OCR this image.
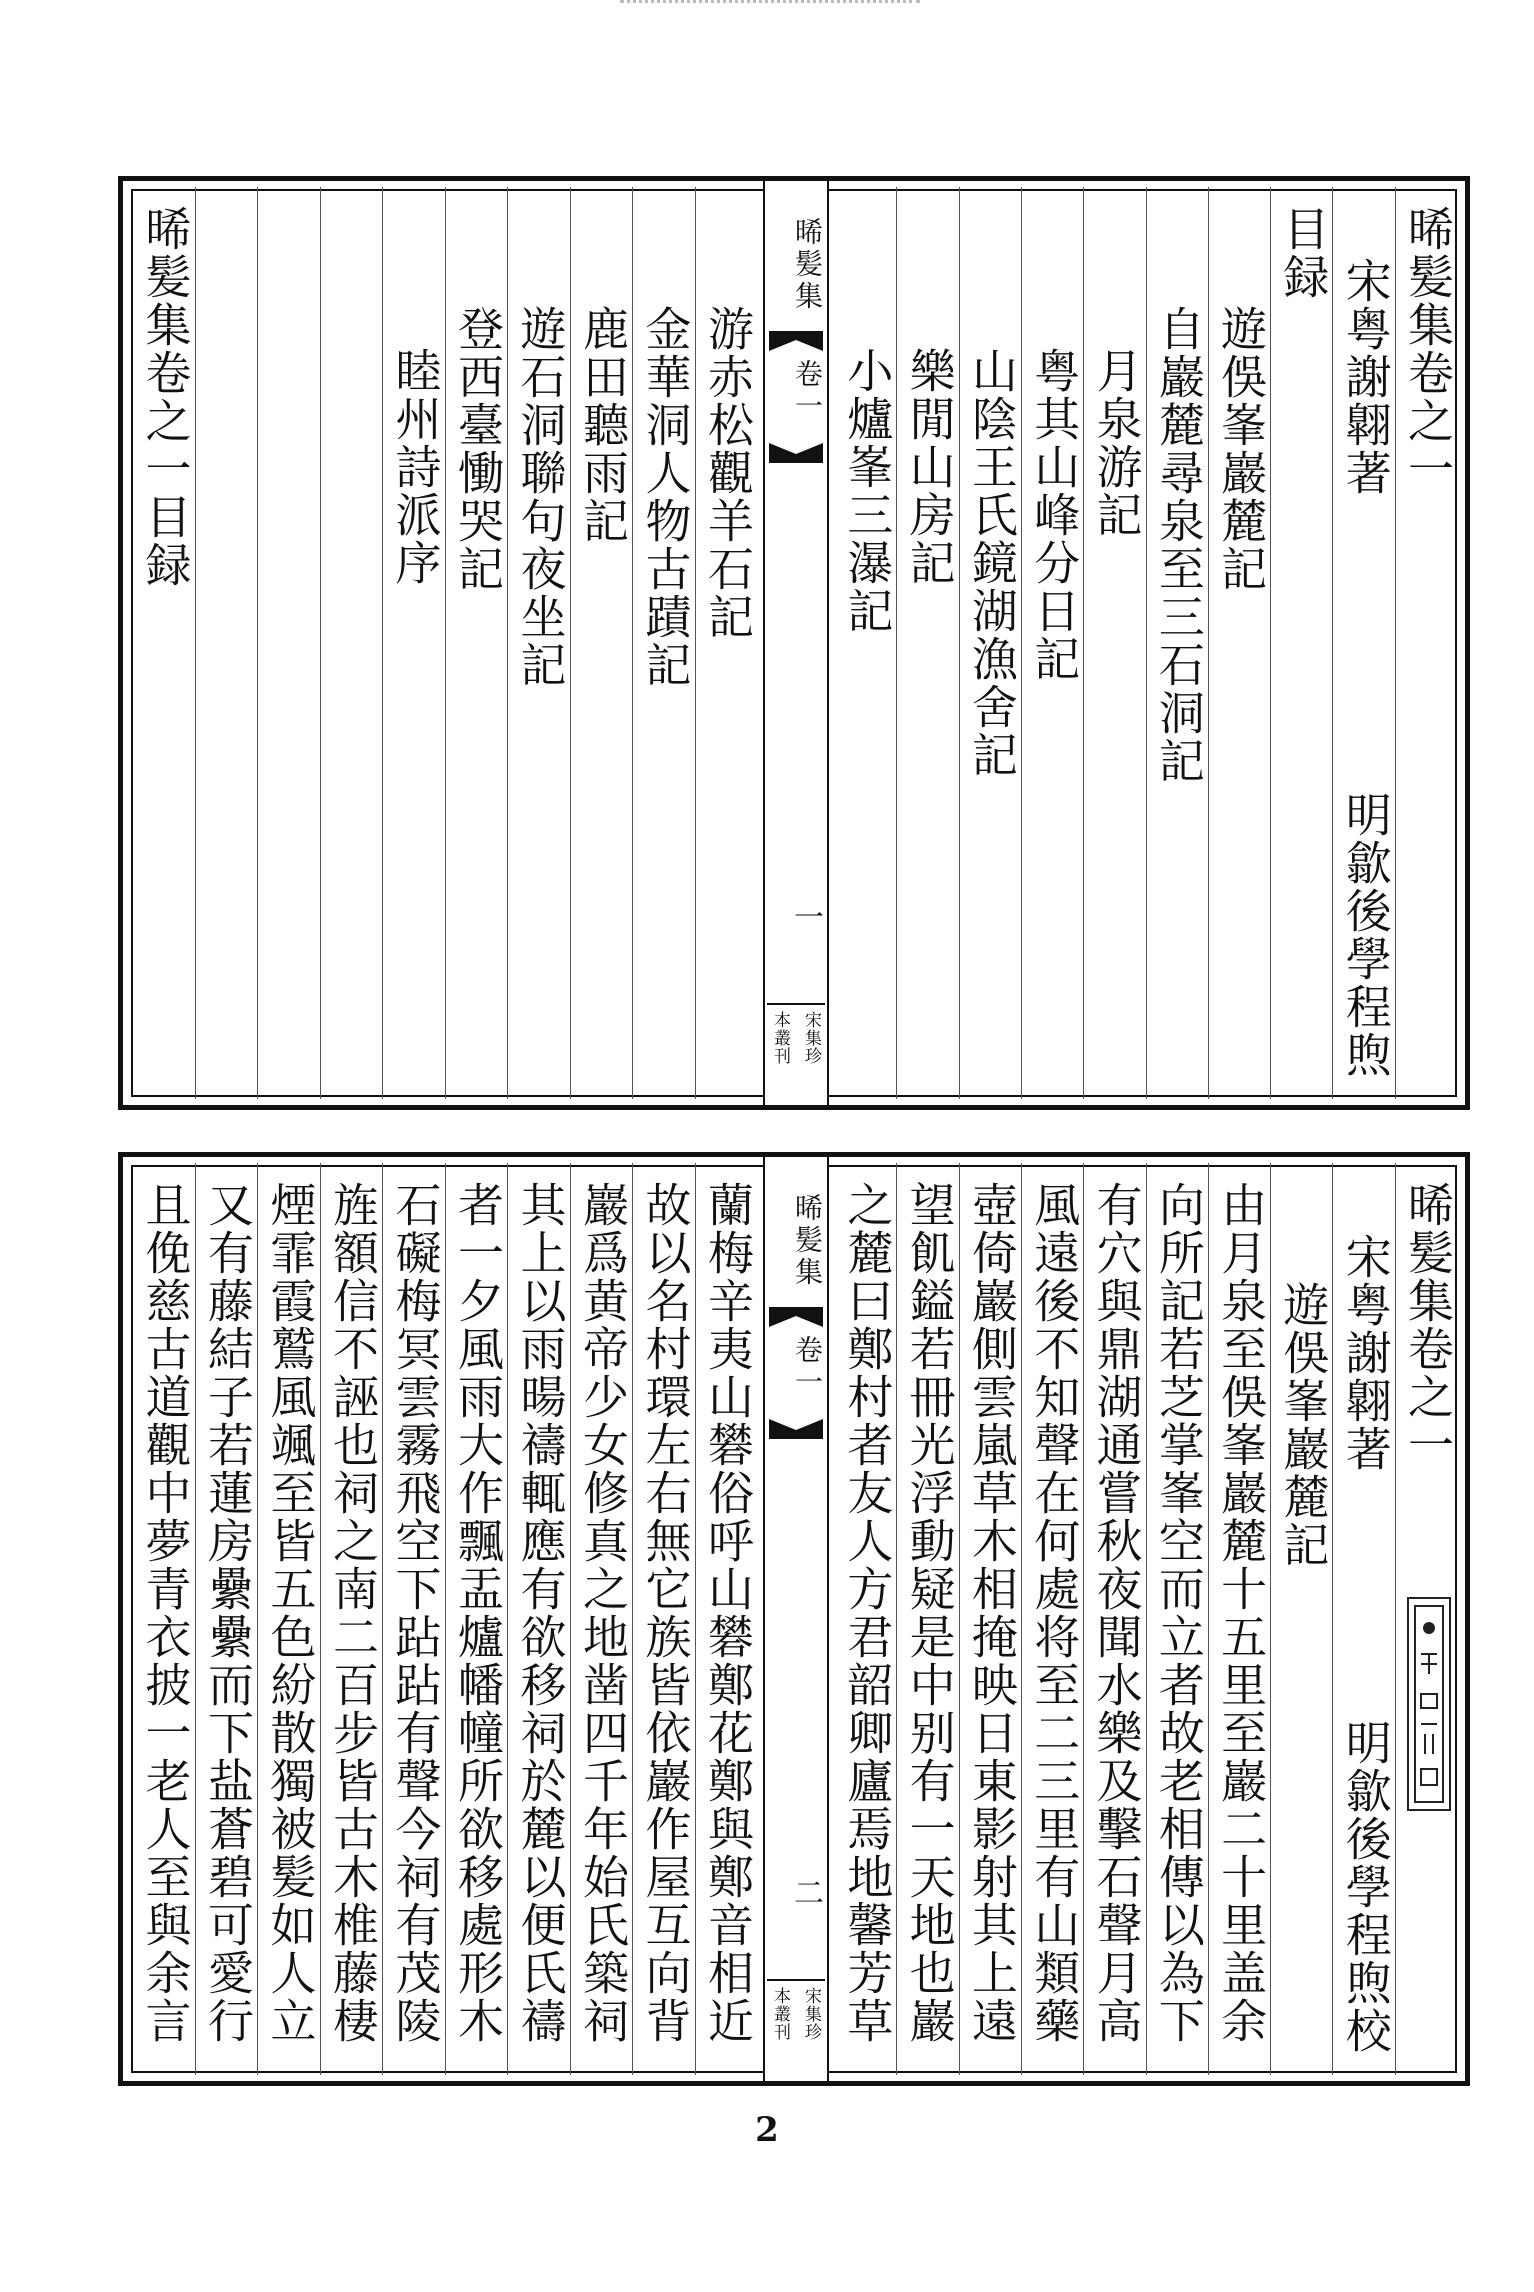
晞髪集卷之一
宋粤謝翺著
明歙後學程煦
目録
遊俁峯巖麓記
自巖麓尋泉至三石洞記
月泉游記
粤其山峰分日記
山陰王氏鏡湖漁舍記
樂閒山房記
小爐峯三瀑記
游赤松觀羊石記
金華洞人物古蹟記
鹿田聽雨記
遊石洞聯句夜坐記
登西臺慟哭記
睦州詩派序
晞髪集卷之一目録	晞髪集
卷一
一
宋集珍
本叢刊
晞髪集卷之一
宋粤謝翺著
明歙後學程煦校
遊俁峯巖麓記
由月泉至俁峯巖麓十五里至巖二十里盖余
向所記若芝掌峯空而立者故老相傳以為下
有穴與鼎湖通嘗秋夜聞水樂及擊石聲月高
風遠後不知聲在何處将至二三里有山類藥
壺倚巖側雲嵐草木相掩映日東影射其上遠
望飢鎰若冊光浮動疑是中别有一天地也巖
之麓曰鄭村者友人方君韶卿廬焉地馨芳草
蘭梅辛夷山礬俗呼山礬鄭花鄭與鄭音相近
故以名村環左右無它族皆依巖作屋互向背
巖爲黄帝少女修真之地凿四千年始氏築祠
其上以雨暘禱輒應有欲移祠於麓以便氏禱
者一夕風雨大作飄盂爐幡幢所欲移處形木
石礙梅冥雲霧飛空下跕跕有聲今祠有茂陵
旌額信不誣也祠之南二百步皆古木椎藤棲
煙霏霞鷲風颯至皆五色紛散獨被髪如人立
又有藤結子若蓮房纍纍而下盐蒼碧可愛行
且俛慈古道觀中夢青衣披一老人至與余言	晞髪集
卷一
二
宋集珍
本叢刊
2
